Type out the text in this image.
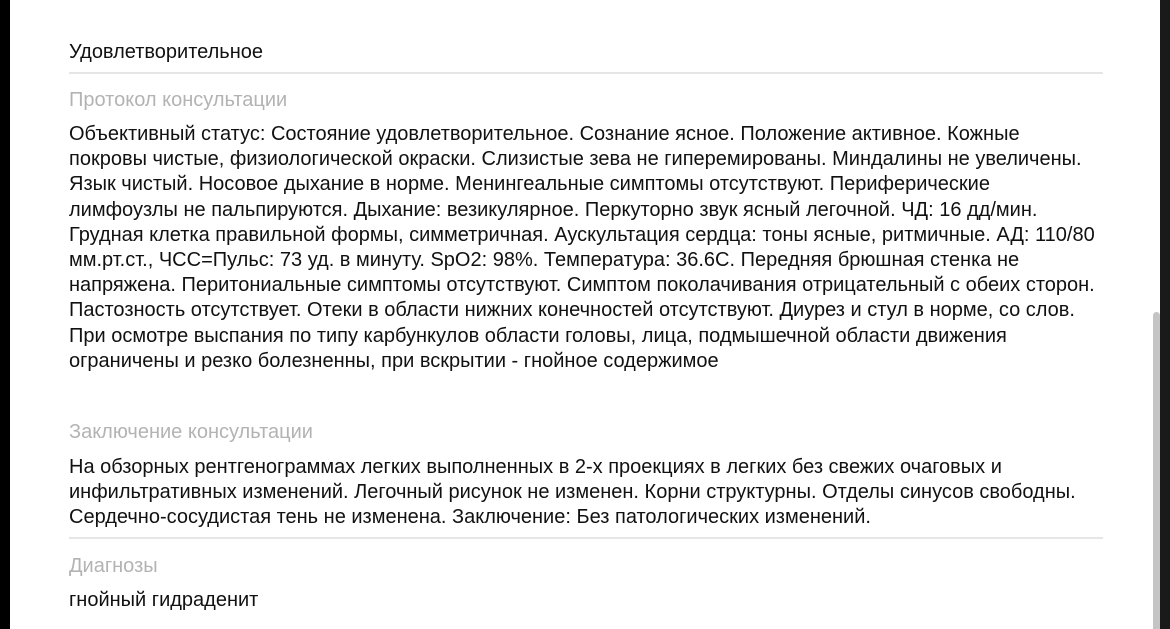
Удовлетворительное
Протокол консультации
Объективный статус: Состояние удовлетворительное. Сознание ясное. Положение активное. Кожные покровы чистые, физиологической окраски. Слизистые зева не гиперемированы. Миндалины не увеличены. Язык чистый. Носовое дыхание в норме. Менингеальные симптомы отсутствуют. Периферические лимфоузлы не пальпируются. Дыхание: везикулярное. Перкуторно звук ясный легочной. ЧД: 16 дд/мин. Грудная клетка правильной формы, симметричная. Аускультация сердца: тоны ясные, ритмичные. АД: 110/80 мм.рт.ст., ЧСС=Пульс: 73 уд. в минуту. SpO2: 98%. Температура: 36.6С. Передняя брюшная стенка не напряжена. Перитониальные симптомы отсутствуют. Симптом поколачивания отрицательный с обеих сторон. Пастозность отсутствует. Отеки в области нижних конечностей отсутствуют. Диурез и стул в норме, со слов. При осмотре выспания по типу карбункулов области головы, лица, подмышечной области движения ограничены и резко болезненны, при вскрытии - гнойное содержимое
Заключение консультации
На обзорных рентгенограммах легких выполненных в 2-х проекциях в легких без свежих очаговых и инфильтративных изменений. Легочный рисунок не изменен. Корни структурны. Отделы синусов свободны. Сердечно-сосудистая тень не изменена. Заключение: Без патологических изменений.
Диагнозы
гнойный гидраденит
